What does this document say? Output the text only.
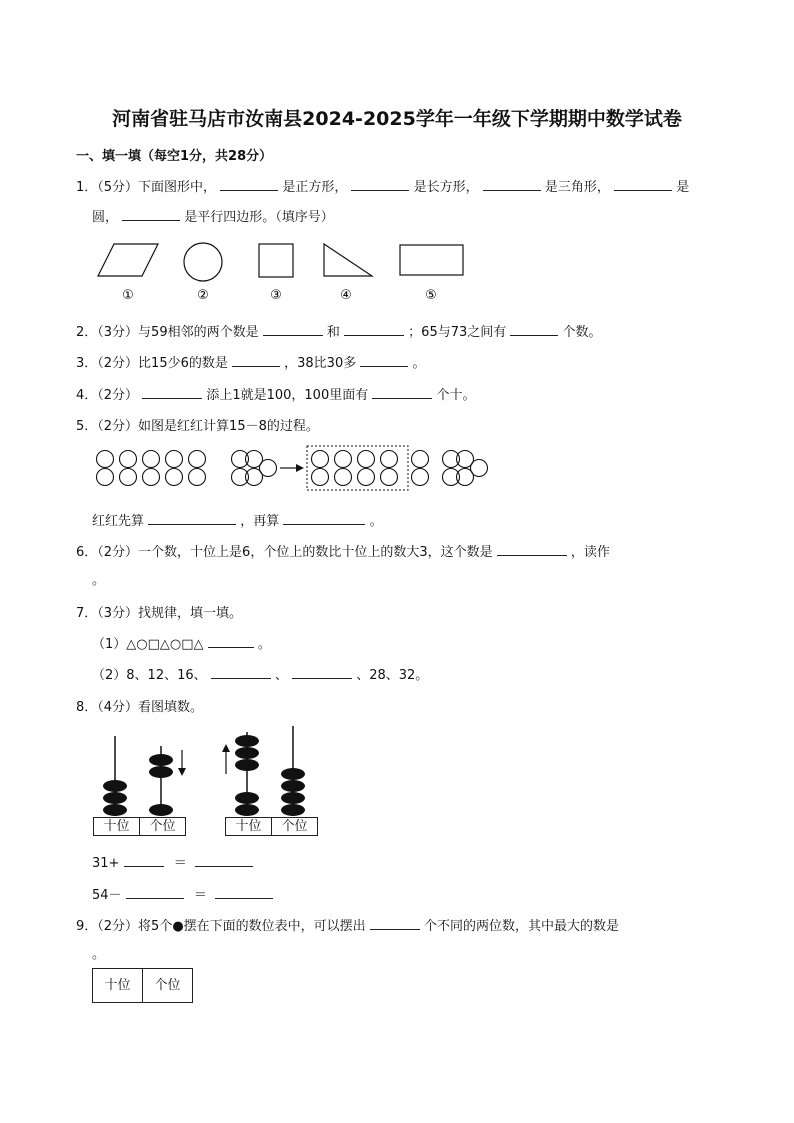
河南省驻马店市汝南县2024-2025学年一年级下学期期中数学试卷
一、填一填（每空1分，共28分）
1．（5分）下面图形中，	是正方形，	是长方形，	是三角形，	是
圆，	是平行四边形。（填序号）
①	②	③	④	⑤
2．（3分）与59相邻的两个数是	和	；65与73之间有	个数。
3．（2分）比15少6的数是	，38比30多	。
4．（2分）	添上1就是100，100里面有	个十。
5．（2分）如图是红红计算15－8的过程。
红红先算	，再算	。
6．（2分）一个数，十位上是6，个位上的数比十位上的数大3，这个数是	，读作
。
7．（3分）找规律，填一填。
（1）△○□△○□△	。
（2）8、12、16、	、	、28、32。
8．（4分）看图填数。
十位	个位	十位	个位
31+	＝
54－	＝
9．（2分）将5个●摆在下面的数位表中，可以摆出	个不同的两位数，其中最大的数是
。
十位	个位
